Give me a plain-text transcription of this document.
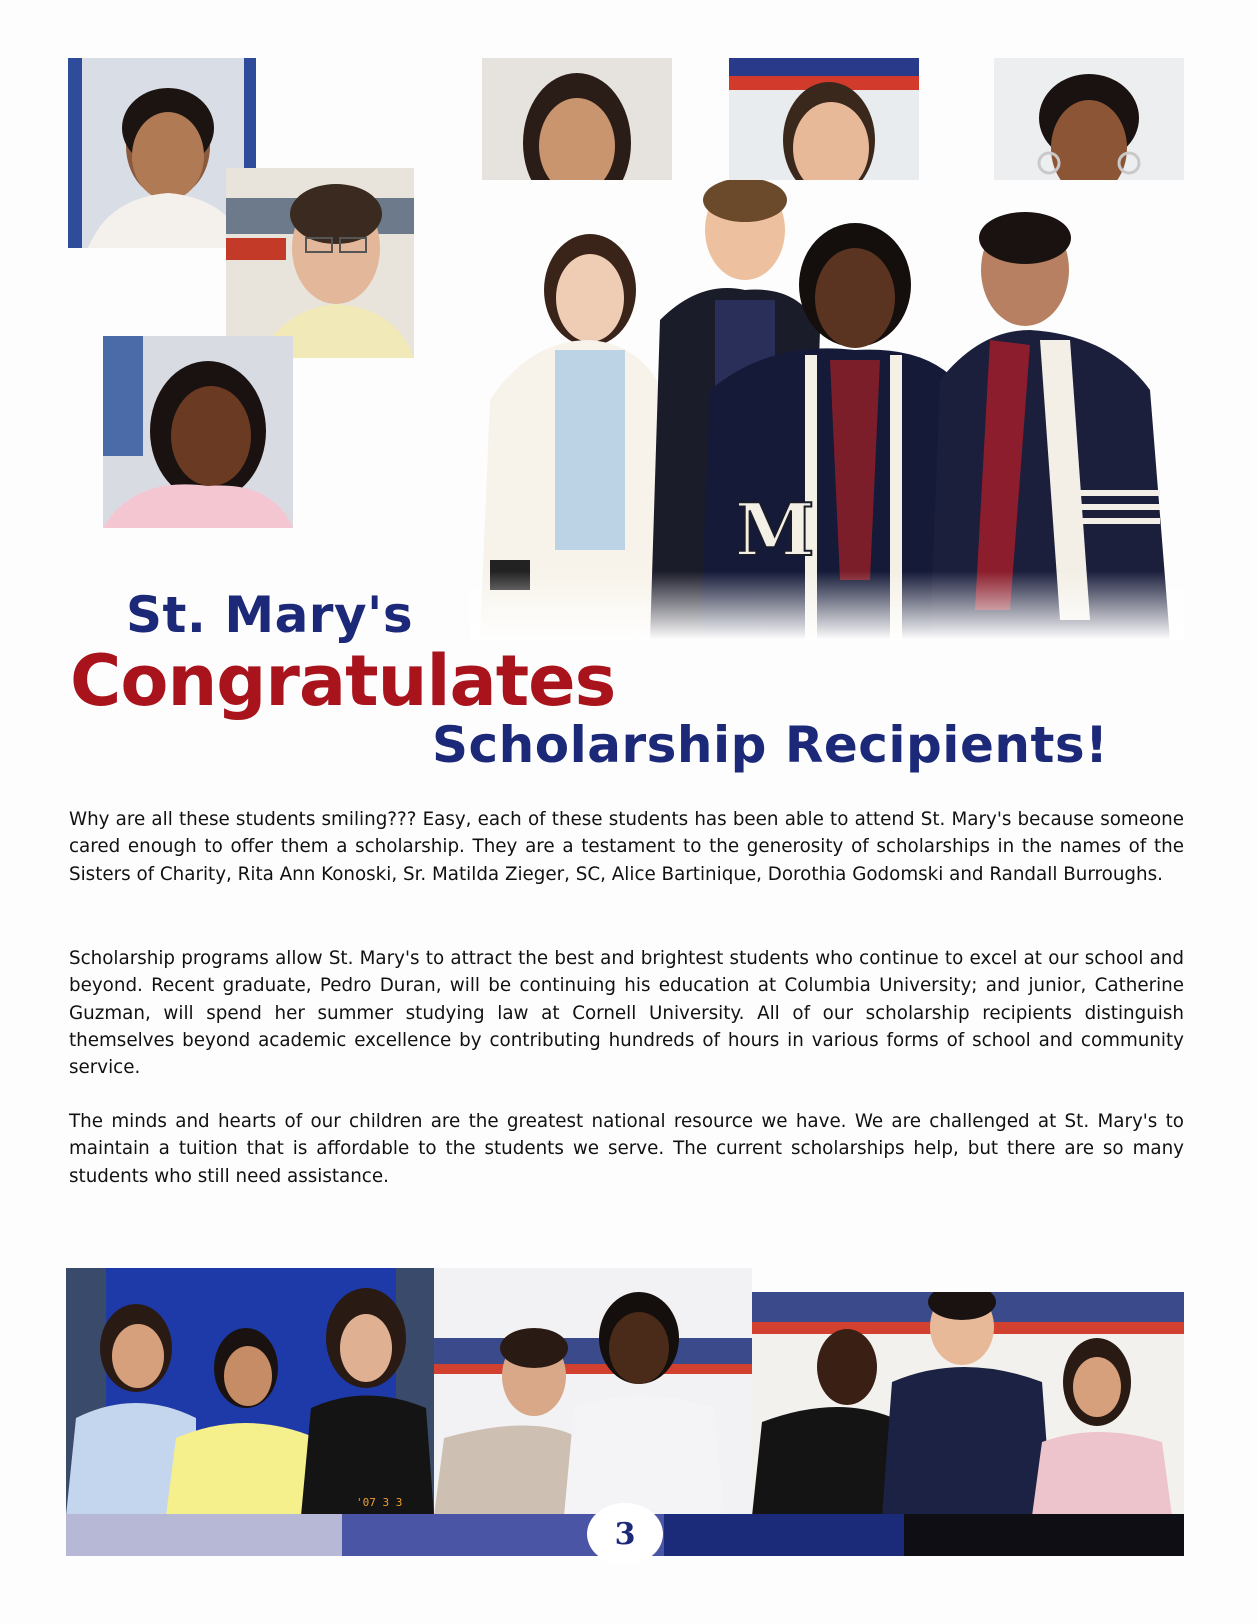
St. Mary's
Congratulates
Scholarship Recipients!

Why are all these students smiling??? Easy, each of these students has been able to attend St. Mary's because someone cared enough to offer them a scholarship. They are a testament to the generosity of scholarships in the names of the Sisters of Charity, Rita Ann Konoski, Sr. Matilda Zieger, SC, Alice Bartinique, Dorothia Godomski and Randall Burroughs.

Scholarship programs allow St. Mary's to attract the best and brightest students who continue to excel at our school and beyond. Recent graduate, Pedro Duran, will be continuing his education at Columbia University; and junior, Catherine Guzman, will spend her summer studying law at Cornell University. All of our scholarship recipients distinguish themselves beyond academic excellence by contributing hundreds of hours in various forms of school and community service.

The minds and hearts of our children are the greatest national resource we have. We are challenged at St. Mary's to maintain a tuition that is affordable to the students we serve. The current scholarships help, but there are so many students who still need assistance.

'07 3 3
3
